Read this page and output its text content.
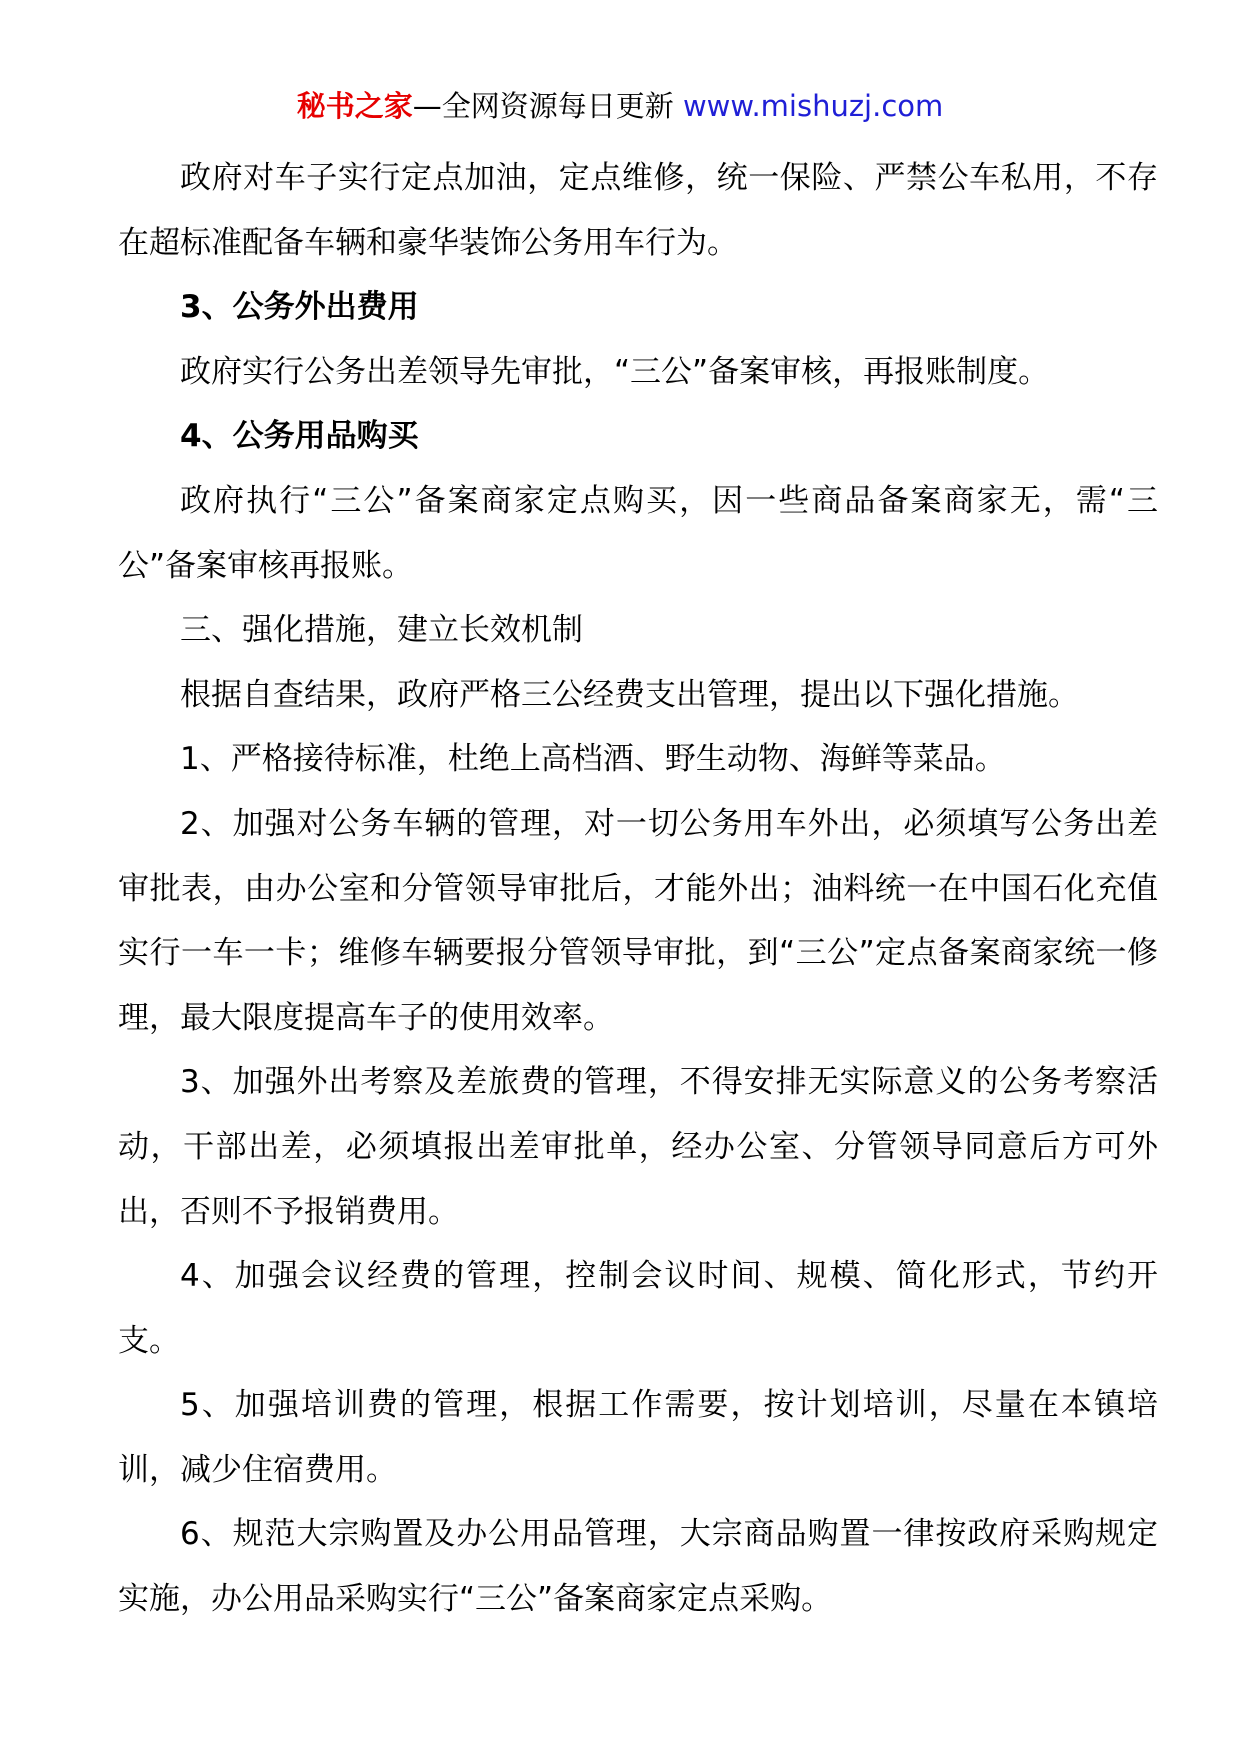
秘书之家—全网资源每日更新 www.mishuzj.com

政府对车子实行定点加油，定点维修，统一保险、严禁公车私用，不存在超标准配备车辆和豪华装饰公务用车行为。

3、公务外出费用

政府实行公务出差领导先审批，“三公”备案审核，再报账制度。

4、公务用品购买

政府执行“三公”备案商家定点购买，因一些商品备案商家无，需“三公”备案审核再报账。

三、强化措施，建立长效机制

根据自查结果，政府严格三公经费支出管理，提出以下强化措施。

1、严格接待标准，杜绝上高档酒、野生动物、海鲜等菜品。

2、加强对公务车辆的管理，对一切公务用车外出，必须填写公务出差审批表，由办公室和分管领导审批后，才能外出；油料统一在中国石化充值实行一车一卡；维修车辆要报分管领导审批，到“三公”定点备案商家统一修理，最大限度提高车子的使用效率。

3、加强外出考察及差旅费的管理，不得安排无实际意义的公务考察活动，干部出差，必须填报出差审批单，经办公室、分管领导同意后方可外出，否则不予报销费用。

4、加强会议经费的管理，控制会议时间、规模、简化形式，节约开支。

5、加强培训费的管理，根据工作需要，按计划培训，尽量在本镇培训，减少住宿费用。

6、规范大宗购置及办公用品管理，大宗商品购置一律按政府采购规定实施，办公用品采购实行“三公”备案商家定点采购。
